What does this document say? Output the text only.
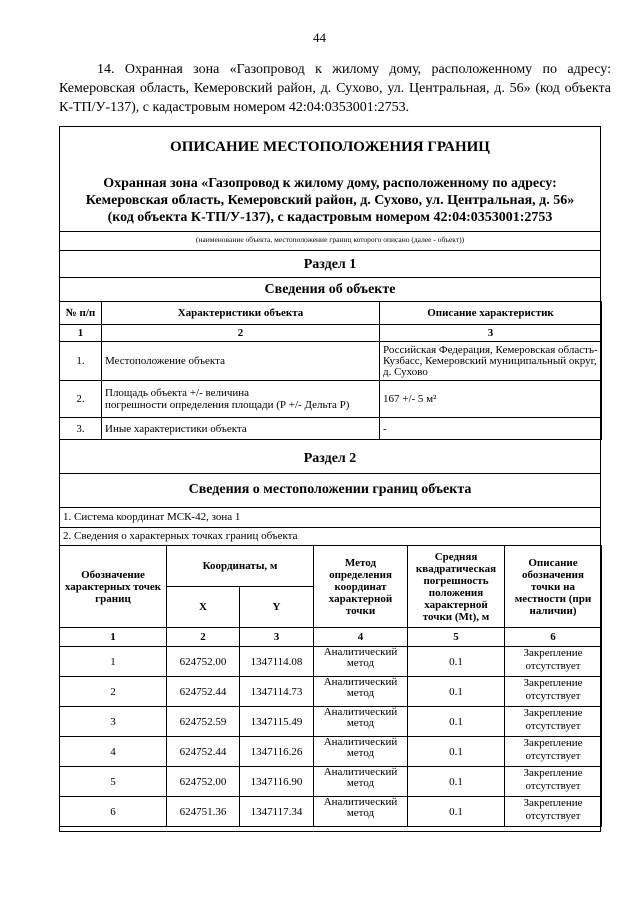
44

14. Охранная зона «Газопровод к жилому дому, расположенному по адресу: Кемеровская область, Кемеровский район, д. Сухово, ул. Центральная, д. 56» (код объекта К-ТП/У-137), с кадастровым номером 42:04:0353001:2753.

ОПИСАНИЕ МЕСТОПОЛОЖЕНИЯ ГРАНИЦ
Охранная зона «Газопровод к жилому дому, расположенному по адресу:
Кемеровская область, Кемеровский район, д. Сухово, ул. Центральная, д. 56»
(код объекта К-ТП/У-137), с кадастровым номером 42:04:0353001:2753
(наименование объекта, местоположение границ которого описано (далее - объект))
Раздел 1
Сведения об объекте
№ п/п	Характеристики объекта	Описание характеристик
1	2	3
1.	Местоположение объекта	Российская Федерация, Кемеровская область-Кузбасс, Кемеровский муниципальный округ, д. Сухово
2.	Площадь объекта +/- величина
погрешности определения площади (Р +/- Дельта Р)	167 +/- 5 м²
3.	Иные характеристики объекта	-
Раздел 2
Сведения о местоположении границ объекта
1. Система координат МСК-42, зона 1
2. Сведения о характерных точках границ объекта
Обозначение характерных точек границ	Координаты, м		Метод определения координат характерной точки	Средняя квадратическая погрешность положения характерной точки (Mt), м	Описание обозначения точки на местности (при наличии)
	X	Y			
1	2	3	4	5	6
1	624752.00	1347114.08	Аналитический метод	0.1	Закрепление отсутствует
2	624752.44	1347114.73	Аналитический метод	0.1	Закрепление отсутствует
3	624752.59	1347115.49	Аналитический метод	0.1	Закрепление отсутствует
4	624752.44	1347116.26	Аналитический метод	0.1	Закрепление отсутствует
5	624752.00	1347116.90	Аналитический метод	0.1	Закрепление отсутствует
6	624751.36	1347117.34	Аналитический метод	0.1	Закрепление отсутствует
